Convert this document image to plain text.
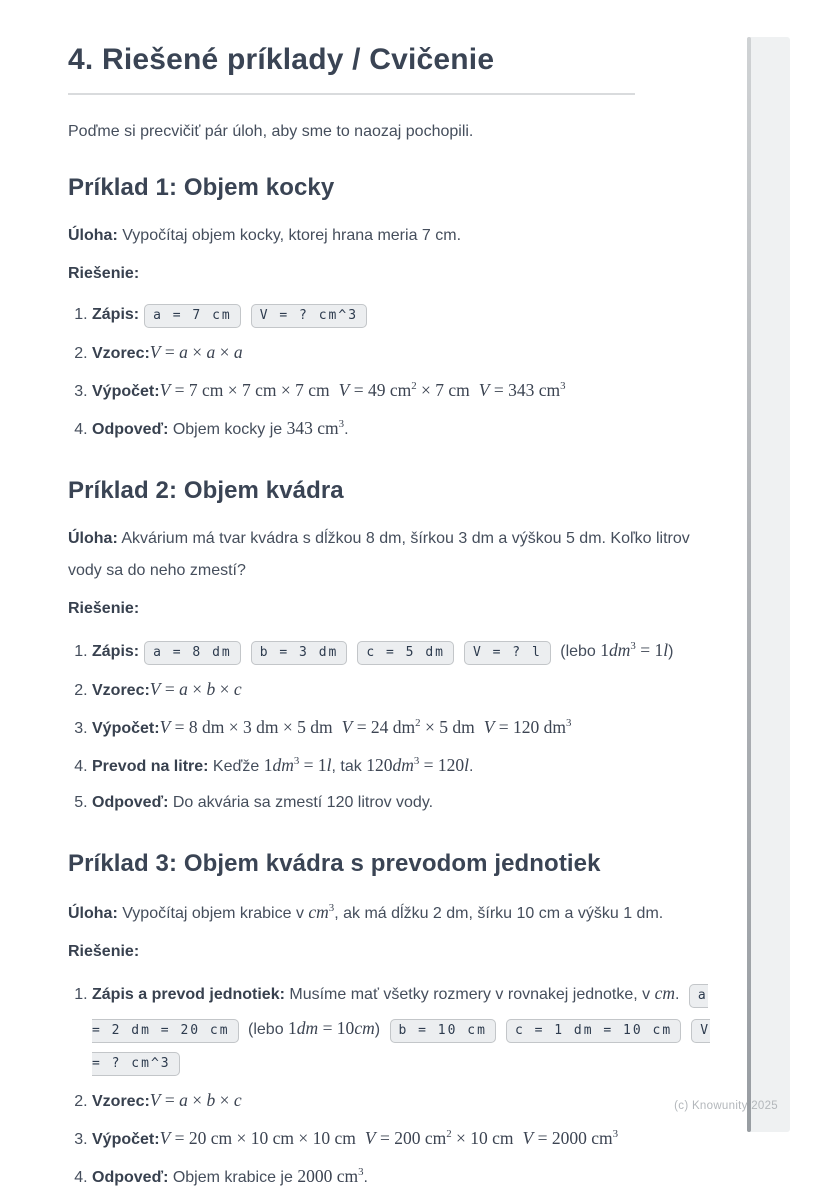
4. Riešené príklady / Cvičenie

Poďme si precvičiť pár úloh, aby sme to naozaj pochopili.

Príklad 1: Objem kocky

Úloha: Vypočítaj objem kocky, ktorej hrana meria 7 cm.

Riešenie:

1. Zápis: a = 7 cm V = ? cm^3
2. Vzorec:V = a × a × a
3. Výpočet:V = 7 cm × 7 cm × 7 cm V = 49 $cm^2 \times 7$ cm V = 343 $cm^3$
4. Odpoveď: Objem kocky je 343 $cm^3$.
Príklad 2: Objem kvádra

Úloha: Akvárium má tvar kvádra s dĺžkou 8 dm, šírkou 3 dm a výškou 5 dm. Koľko litrov vody sa do neho zmestí?

Riešenie:

1. Zápis: a = 8 dm b = 3 dm c = 5 dm V = ? l (lebo $1dm^3 = 1l$)
2. Vzorec:V = a × b × c
3. Výpočet:V = 8 dm × 3 dm × 5 dm V = 24 $dm^2 \times 5$ dm V = 120 $dm^3$
4. Prevod na litre: Keďže $1dm^3 = 1l$, tak $120dm^3 = 120l$.
5. Odpoveď: Do akvária sa zmestí 120 litrov vody.
Príklad 3: Objem kvádra s prevodom jednotiek

Úloha: Vypočítaj objem krabice v $cm^3$, ak má dĺžku 2 dm, šírku 10 cm a výšku 1 dm.

Riešenie:

1. Zápis a prevod jednotiek: Musíme mať všetky rozmery v rovnakej jednotke, v cm. a = 2 dm = 20 cm (lebo 1dm = 10cm) b = 10 cm c = 1 dm = 10 cm V = ? cm^3
2. Vzorec:V = a × b × c
3. Výpočet:V = 20 cm × 10 cm × 10 cm V = 200 $cm^2 \times 10$ cm V = 2000 $cm^3$
4. Odpoveď: Objem krabice je 2000 $cm^3$.
(c) Knowunity 2025
